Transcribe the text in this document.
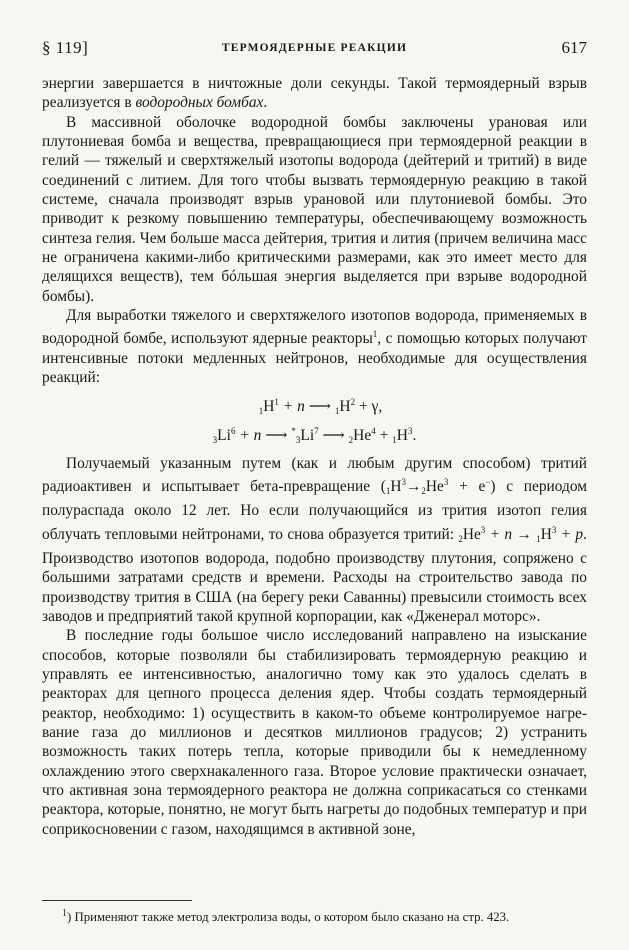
§ 119]	ТЕРМОЯДЕРНЫЕ РЕАКЦИИ	617

энергии завершается в ничтожные доли секунды. Такой термоядерный взрыв реализуется в водородных бомбах.

В массивной оболочке водородной бомбы заключены урановая или плутониевая бомба и вещества, превращающиеся при термоядерной реакции в гелий — тяжелый и сверхтяжелый изотопы водорода (дейтерий и тритий) в виде соединений с литием. Для того чтобы вызвать термоядерную реакцию в такой системе, сначала производят взрыв урановой или плутониевой бомбы. Это приводит к резкому повышению температуры, обеспечивающему возможность синтеза гелия. Чем больше масса дейтерия, трития и лития (причем величина масс не ограничена какими-либо критическими размерами, как это имеет место для делящихся веществ), тем бóльшая энергия выделяется при взрыве водородной бомбы).

Для выработки тяжелого и сверхтяжелого изотопов водорода, применяемых в водородной бомбе, используют ядерные реакторы$^1$, с помощью которых получают интенсивные потоки медленных нейтронов, необходимые для осуществления реакций:

$1H^1 + n$ ⟶ $1H^2 + \gamma$,
$3Li^6 + n$ ⟶ *3Li$^7$ ⟶ $2He^4 + 1H^3$.

Получаемый указанным путем (как и любым другим способом) тритий радиоактивен и испытывает бета-превращение $(1H^3\to 2He^3 + e^-)$ с периодом полураспада около 12 лет. Но если получающийся из трития изотоп гелия облучать тепловыми нейтронами, то снова образуется тритий: $2He^3 + n \to 1H^3 + p$. Производство изотопов водорода, подобно производству плутония, сопряжено с большими затратами средств и времени. Расходы на строительство завода по производству трития в США (на берегу реки Саванны) превысили стоимость всех заводов и предприятий такой крупной корпорации, как «Дженерал моторс».

В последние годы большое число исследований направлено на изыскание способов, которые позволяли бы стабилизировать термоядерную реакцию и управлять ее интенсивностью, аналогично тому как это удалось сделать в реакторах для цепного процесса деления ядер. Чтобы создать термоядерный реактор, необходимо: 1) осуществить в каком-то объеме контролируемое нагревание газа до миллионов и десятков миллионов градусов; 2) устранить возможность таких потерь тепла, которые приводили бы к немедленному охлаждению этого сверхнакаленного газа. Второе условие практически означает, что активная зона термоядерного реактора не должна соприкасаться со стенками реактора, которые, понятно, не могут быть нагреты до подобных температур и при соприкосновении с газом, находящимся в активной зоне,

$^1$) Применяют также метод электролиза воды, о котором было сказано на стр. 423.
